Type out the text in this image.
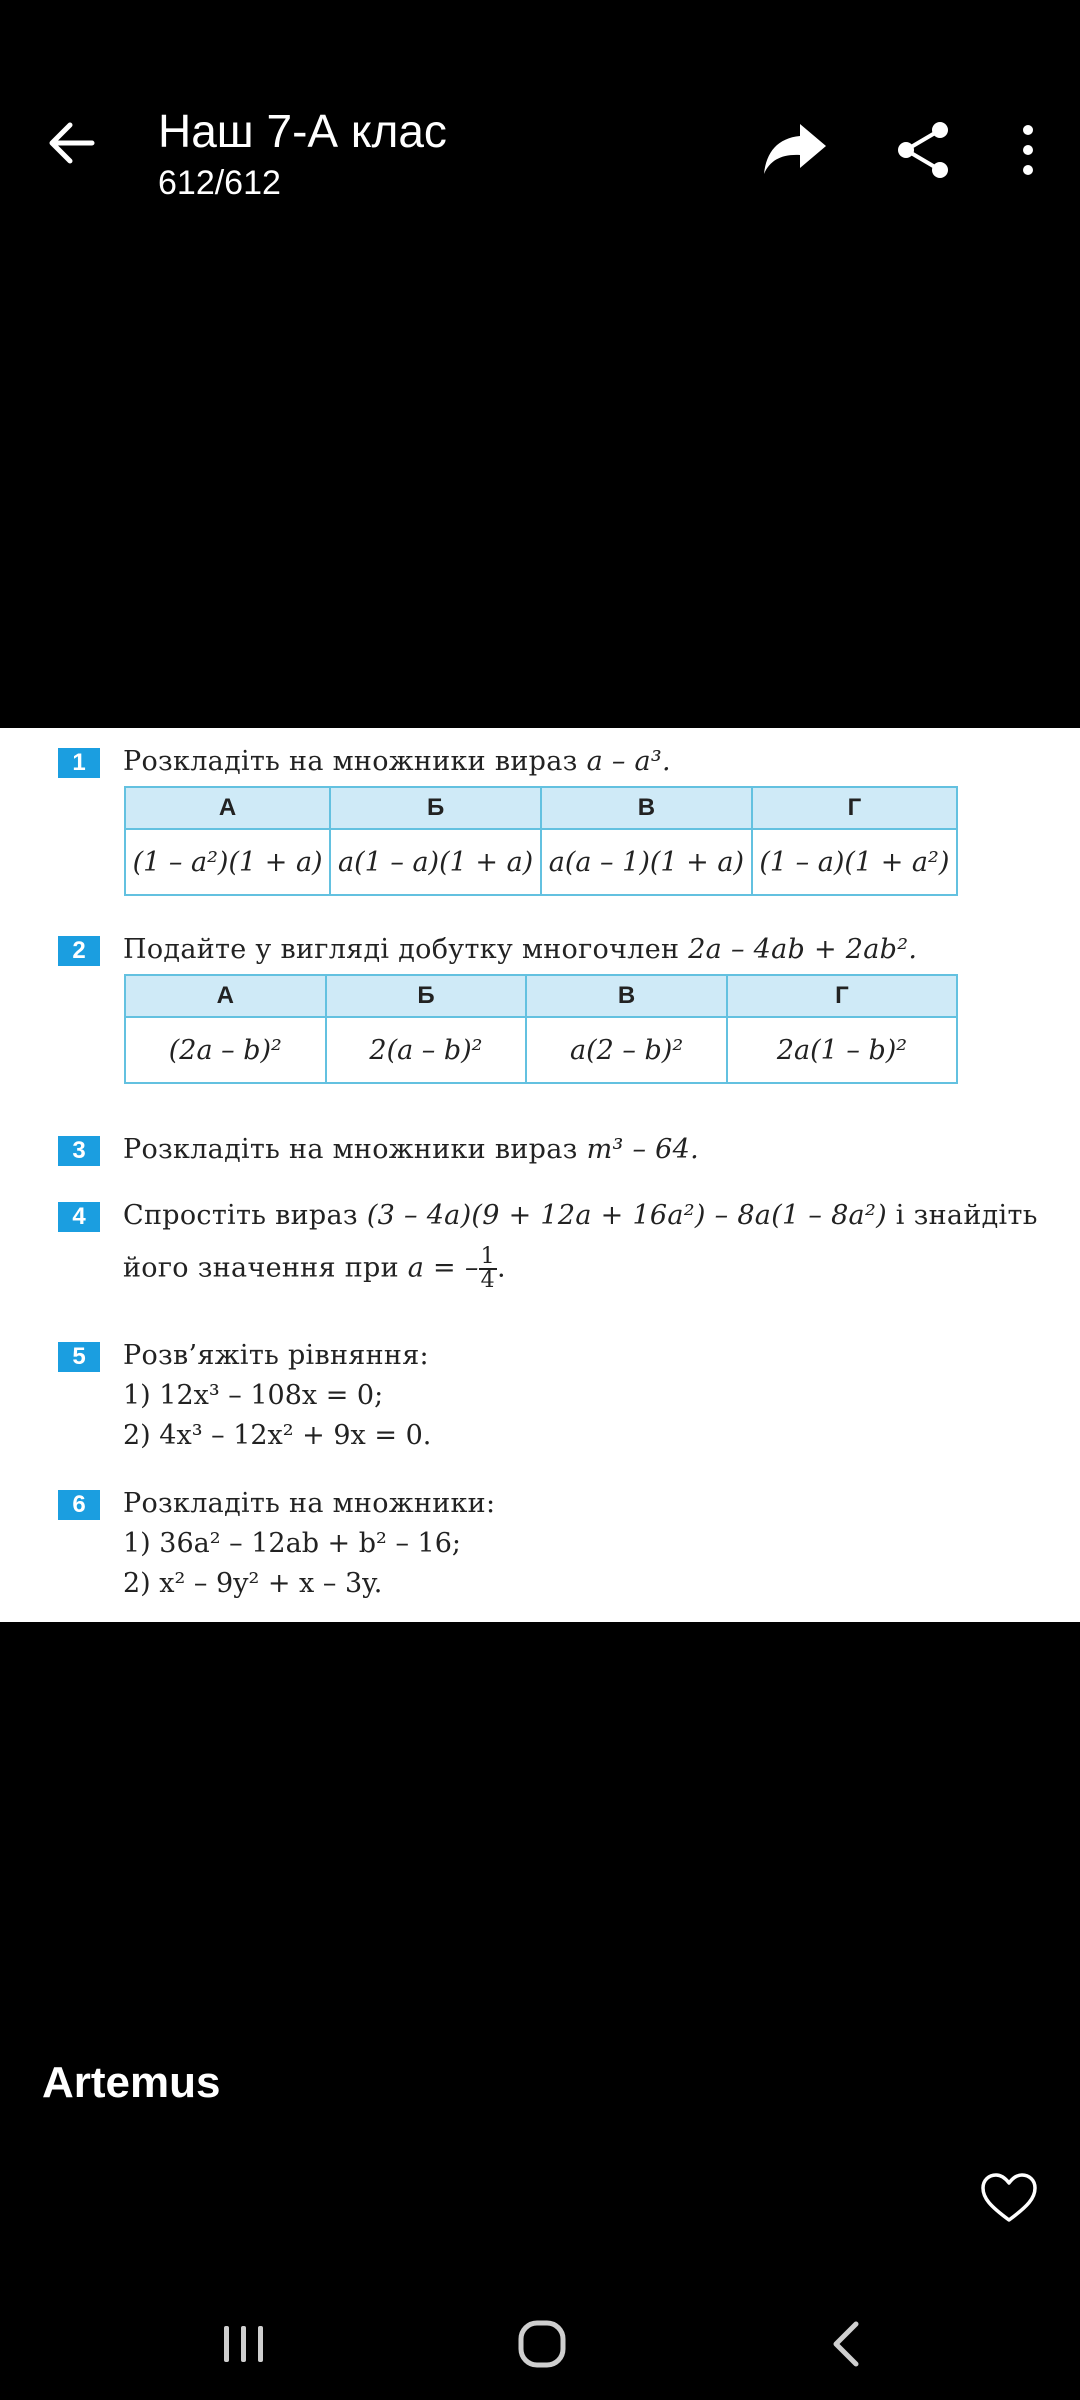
Наш 7-А клас
612/612
1	Розкладіть на множники вираз a – a³.
А	Б	В	Г
(1 – a²)(1 + a)	a(1 – a)(1 + a)	a(a – 1)(1 + a)	(1 – a)(1 + a²)
2	Подайте у вигляді добутку многочлен 2a – 4ab + 2ab².
А	Б	В	Г
(2a – b)²	2(a – b)²	a(2 – b)²	2a(1 – b)²
3	Розкладіть на множники вираз m³ – 64.
4	Спростіть вираз (3 – 4a)(9 + 12a + 16a²) – 8a(1 – 8a²) і знайдіть
його значення при a = – $\frac{1}{4}$ .
5	Розв’яжіть рівняння:
1) 12x³ – 108x = 0;
2) 4x³ – 12x² + 9x = 0.
6	Розкладіть на множники:
1) 36a² – 12ab + b² – 16;
2) x² – 9y² + x – 3y.
Artemus
